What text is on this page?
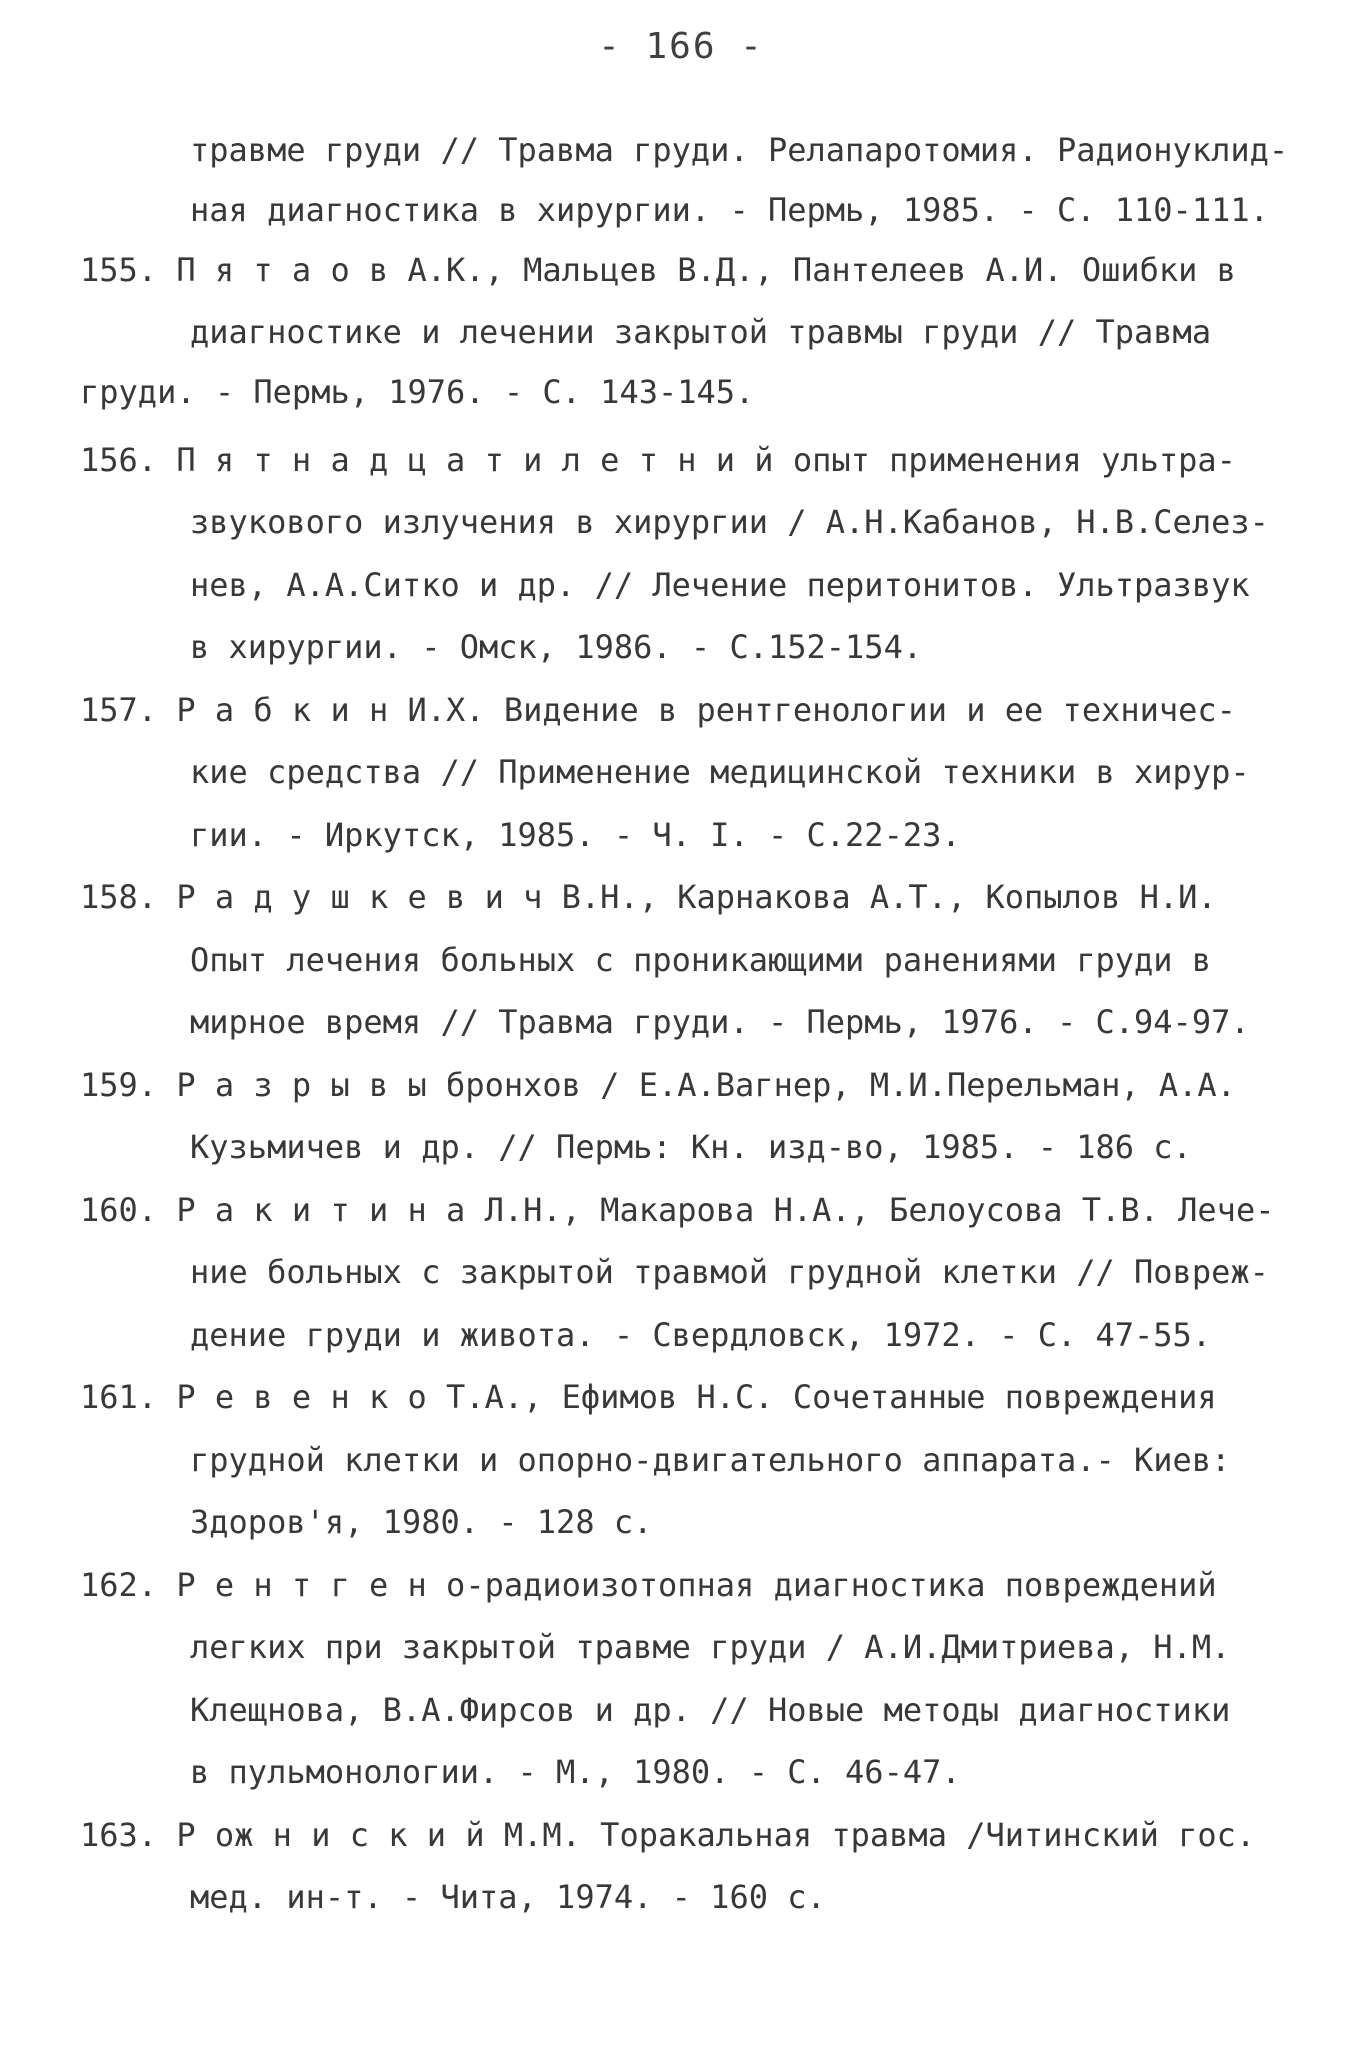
- 166 -
травме груди // Травма груди. Релапаротомия. Радионуклид-
ная диагностика в хирургии. - Пермь, 1985. - С. 110-111.
155. П я т а о в А.К., Мальцев В.Д., Пантелеев А.И. Ошибки в
диагностике и лечении закрытой травмы груди // Травма
груди. - Пермь, 1976. - С. 143-145.
156. П я т н а д ц а т и л е т н и й опыт применения ультра-
звукового излучения в хирургии / А.Н.Кабанов, Н.В.Селез-
нев, А.А.Ситко и др. // Лечение перитонитов. Ультразвук
в хирургии. - Омск, 1986. - С.152-154.
157. Р а б к и н И.Х. Видение в рентгенологии и ее техничес-
кие средства // Применение медицинской техники в хирур-
гии. - Иркутск, 1985. - Ч. I. - С.22-23.
158. Р а д у ш к е в и ч В.Н., Карнакова А.Т., Копылов Н.И.
Опыт лечения больных с проникающими ранениями груди в
мирное время // Травма груди. - Пермь, 1976. - С.94-97.
159. Р а з р ы в ы бронхов / Е.А.Вагнер, М.И.Перельман, А.А.
Кузьмичев и др. // Пермь: Кн. изд-во, 1985. - 186 с.
160. Р а к и т и н а Л.Н., Макарова Н.А., Белоусова Т.В. Лече-
ние больных с закрытой травмой грудной клетки // Повреж-
дение груди и живота. - Свердловск, 1972. - С. 47-55.
161. Р е в е н к о Т.А., Ефимов Н.С. Сочетанные повреждения
грудной клетки и опорно-двигательного аппарата.- Киев:
Здоров'я, 1980. - 128 с.
162. Р е н т г е н о-радиоизотопная диагностика повреждений
легких при закрытой травме груди / А.И.Дмитриева, Н.М.
Клещнова, В.А.Фирсов и др. // Новые методы диагностики
в пульмонологии. - М., 1980. - С. 46-47.
163. Р ож н и с к и й М.М. Торакальная травма /Читинский гос.
мед. ин-т. - Чита, 1974. - 160 с.
